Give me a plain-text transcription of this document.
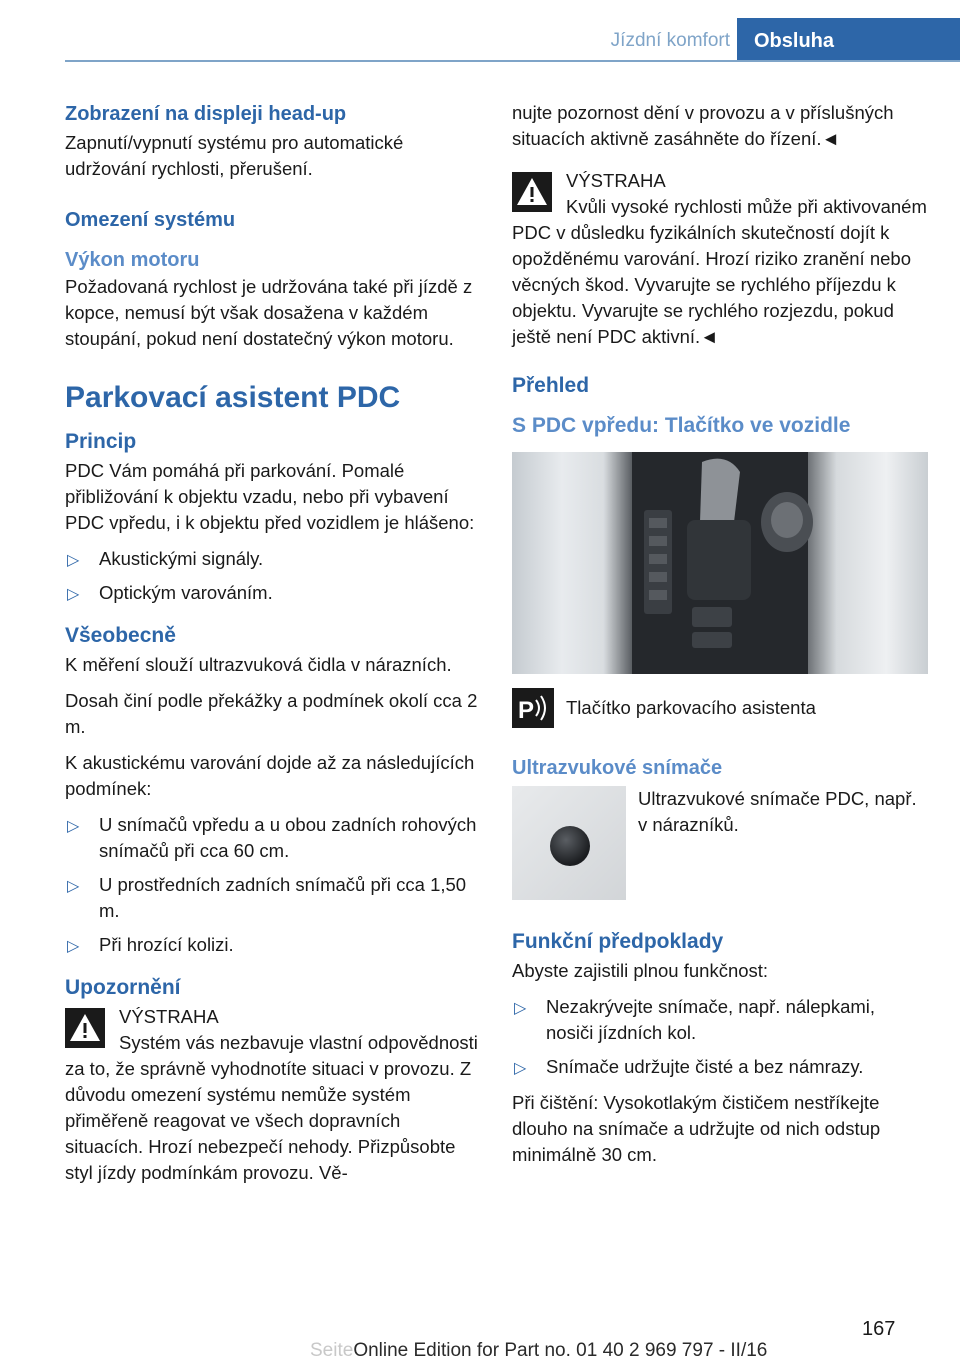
Jízdní komfort	Obsluha
Zobrazení na displeji head-up

Zapnutí/vypnutí systému pro automatické udržování rychlosti, přerušení.

Omezení systému
Výkon motoru

Požadovaná rychlost je udržována také při jízdě z kopce, nemusí být však dosažena v každém stoupání, pokud není dostatečný výkon motoru.

Parkovací asistent PDC
Princip

PDC Vám pomáhá při parkování. Pomalé přibližování k objektu vzadu, nebo při vybavení PDC vpředu, i k objektu před vozidlem je hlášeno:

▷ Akustickými signály.
▷ Optickým varováním.
Všeobecně

K měření slouží ultrazvuková čidla v nárazních.

Dosah činí podle překážky a podmínek okolí cca 2 m.

K akustickému varování dojde až za následujících podmínek:

▷ U snímačů vpředu a u obou zadních rohových snímačů při cca 60 cm.
▷ U prostředních zadních snímačů při cca 1,50 m.
▷ Při hrozící kolizi.
Upozornění
VÝSTRAHA
Systém vás nezbavuje vlastní odpovědnosti za to, že správně vyhodnotíte situaci v provozu. Z důvodu omezení systému nemůže systém přiměřeně reagovat ve všech dopravních situacích. Hrozí nebezpečí nehody. Přizpůsobte styl jízdy podmínkám provozu. Vě-

nujte pozornost dění v provozu a v příslušných situacích aktivně zasáhněte do řízení.◄

VÝSTRAHA
Kvůli vysoké rychlosti může při aktivovaném PDC v důsledku fyzikálních skutečností dojít k opožděnému varování. Hrozí riziko zranění nebo věcných škod. Vyvarujte se rychlého příjezdu k objektu. Vyvarujte se rychlého rozjezdu, pokud ještě není PDC aktivní.◄
Přehled
S PDC vpředu: Tlačítko ve vozidle
P Tlačítko parkovacího asistenta
Ultrazvukové snímače
Ultrazvukové snímače PDC, např. v nárazníků.
Funkční předpoklady

Abyste zajistili plnou funkčnost:

▷ Nezakrývejte snímače, např. nálepkami, nosiči jízdních kol.
▷ Snímače udržujte čisté a bez námrazy.

Při čištění: Vysokotlakým čističem nestříkejte dlouho na snímače a udržujte od nich odstup minimálně 30 cm.

167
SeiteOnline Edition for Part no. 01 40 2 969 797 - II/16
